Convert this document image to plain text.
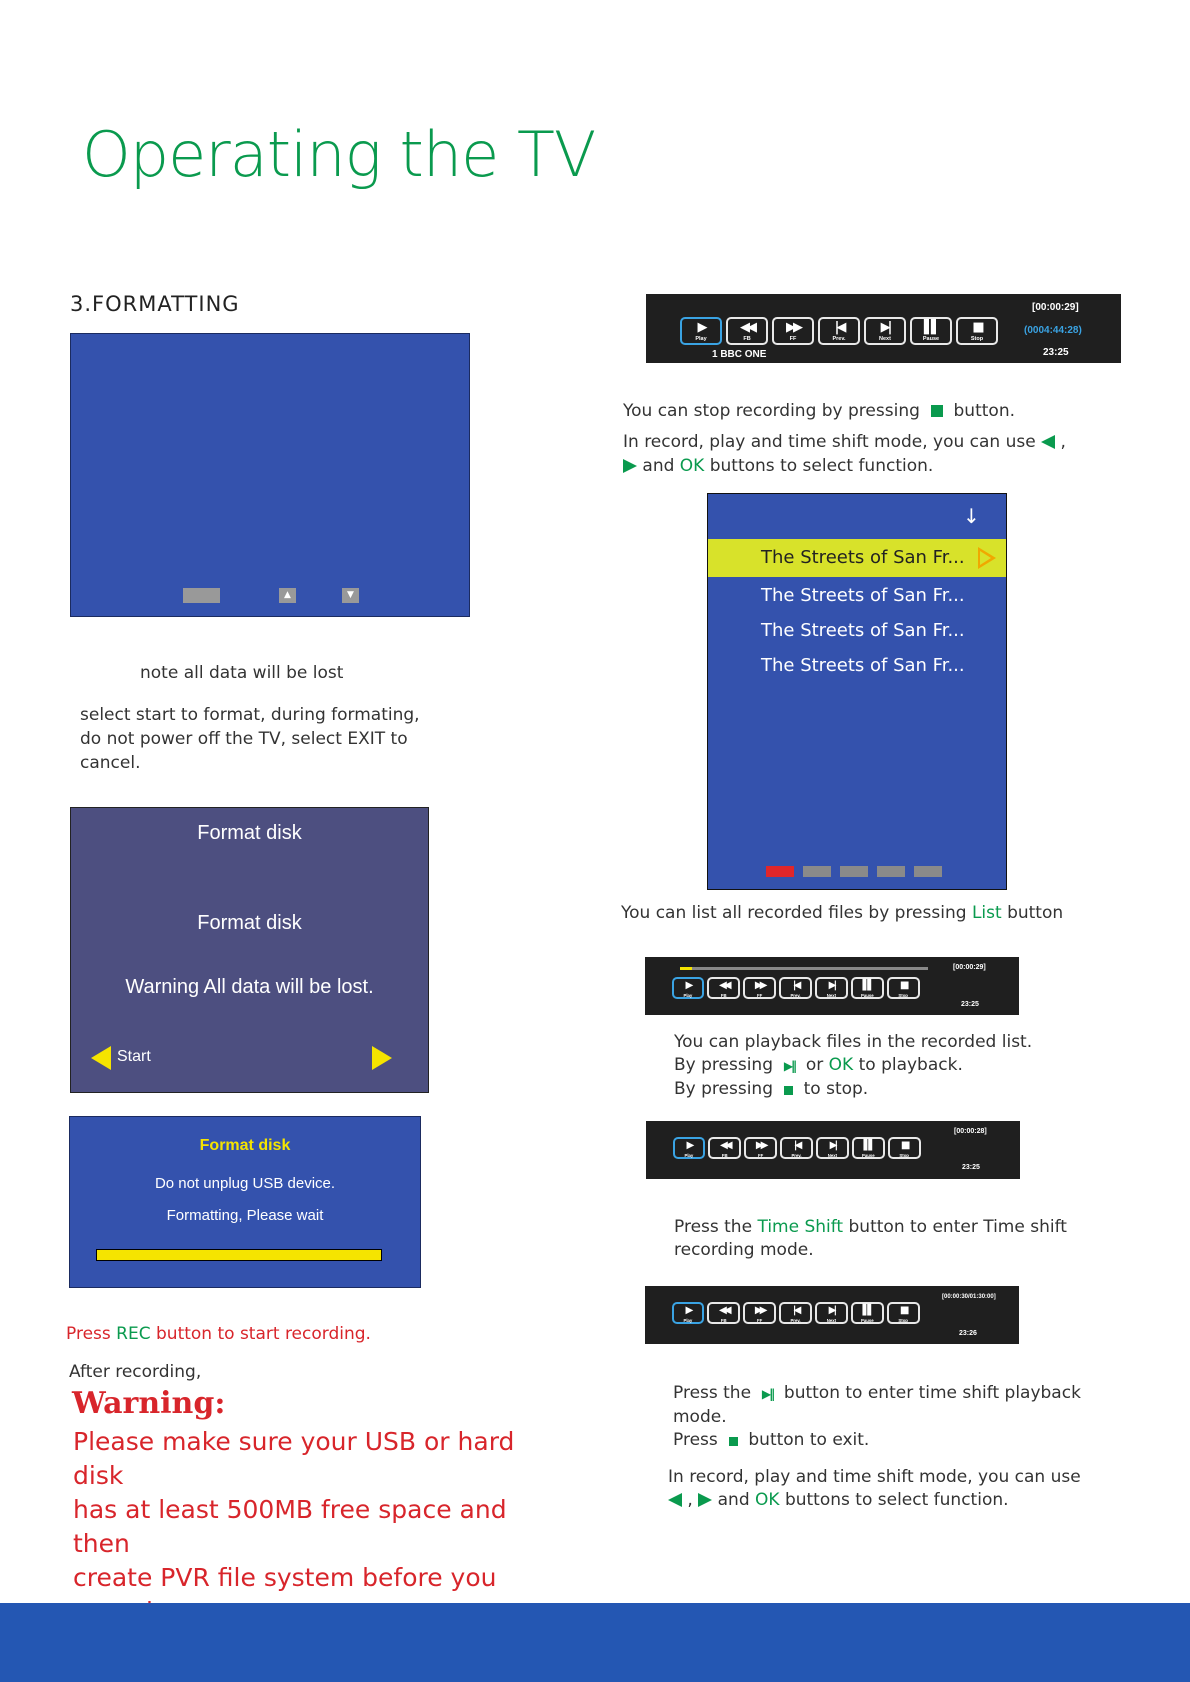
Operating the TV
3.FORMATTING
▲	▼
note all data will be lost
select start to format, during formating, do not power off the TV, select EXIT to cancel.
Format disk
Format disk
Warning All data will be lost.
Start
Format disk
Do not unplug USB device.
Formatting, Please wait
Press REC button to start recording.
After recording,
Warning:
Please make sure your USB or hard disk
has at least 500MB free space and then
create PVR file system before you
▶
Play
◀◀
FB
▶▶
FF
|◀
Prev.
▶|
Next
▌▌
Pause
■
Stop
[00:00:29]
(0004:44:28)
23:25
1 BBC ONE
You can stop recording by pressing button.
In record, play and time shift mode, you can use ,
and OK buttons to select function.
↓
The Streets of San Fr...
The Streets of San Fr...
The Streets of San Fr...
The Streets of San Fr...
You can list all recorded files by pressing List button
▶
Play
◀◀
FB
▶▶
FF
|◀
Prev.
▶|
Next
▌▌
Pause
■
Stop
[00:00:29]
23:25
You can playback files in the recorded list.
By pressing ▶‖ or OK to playback.
By pressing to stop.
▶
Play
◀◀
FB
▶▶
FF
|◀
Prev.
▶|
Next
▌▌
Pause
■
Stop
[00:00:28]
23:25
Press the Time Shift button to enter Time shift
recording mode.
▶
Play
◀◀
FB
▶▶
FF
|◀
Prev.
▶|
Next
▌▌
Pause
■
Stop
[00:00:30/01:30:00]
23:26
Press the ▶‖ button to enter time shift playback
mode.
Press button to exit.
In record, play and time shift mode, you can use
, and OK buttons to select function.
